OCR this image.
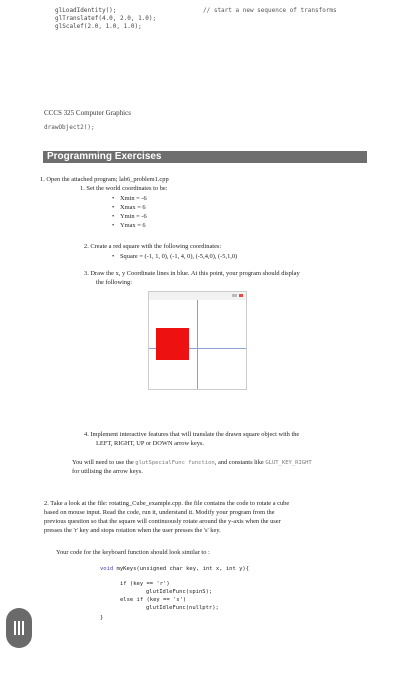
glLoadIdentity();
glTranslatef(4.0, 2.0, 1.0);
glScalef(2.0, 1.0, 1.0);
// start a new sequence of transforms
CCCS 325 Computer Graphics
drawObject2();
Programming Exercises
1. Open the attached program; lab6_problem1.cpp
1. Set the world coordinates to be:
• Xmin = -6
• Xmax = 6
• Ymin = -6
• Ymax = 6
2. Create a red square with the following coordinates:
• Square = (-1, 1, 0), (-1, 4, 0), (-5,4,0), (-5,1,0)
3. Draw the x, y Coordinate lines in blue. At this point, your program should display
the following:
4. Implement interactive features that will translate the drawn square object with the
LEFT, RIGHT, UP or DOWN arrow keys.
You will need to use the glutSpecialFunc function, and constants like GLUT_KEY_RIGHT
for utilising the arrow keys.
2. Take a look at the file: rotating_Cube_example.cpp. the file contains the code to rotate a cube
based on mouse input. Read the code, run it, understand it. Modify your program from the
previous question so that the square will continuously rotate around the y-axis when the user
presses the 'r' key and stops rotation when the user presses the 's' key.
Your code for the keyboard function should look similar to :

void myKeys(unsigned char key, int x, int y){

if (key == 'r')

glutIdleFunc(spinS);

else if (key == 's')

glutIdleFunc(nullptr);

}
